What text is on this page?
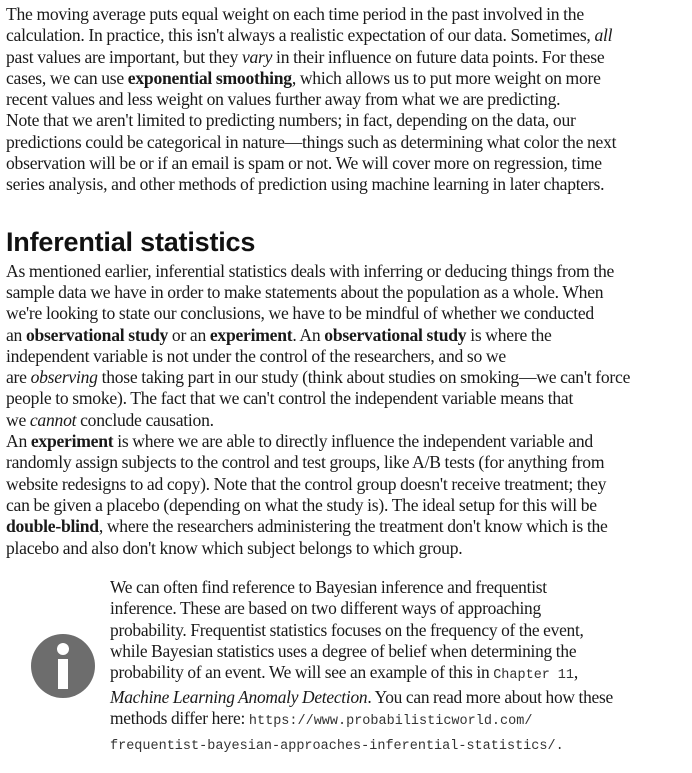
The moving average puts equal weight on each time period in the past involved in the
calculation. In practice, this isn't always a realistic expectation of our data. Sometimes, all
past values are important, but they vary in their influence on future data points. For these
cases, we can use exponential smoothing, which allows us to put more weight on more
recent values and less weight on values further away from what we are predicting.

Note that we aren't limited to predicting numbers; in fact, depending on the data, our
predictions could be categorical in nature—things such as determining what color the next
observation will be or if an email is spam or not. We will cover more on regression, time
series analysis, and other methods of prediction using machine learning in later chapters.

Inferential statistics

As mentioned earlier, inferential statistics deals with inferring or deducing things from the
sample data we have in order to make statements about the population as a whole. When
we're looking to state our conclusions, we have to be mindful of whether we conducted
an observational study or an experiment. An observational study is where the
independent variable is not under the control of the researchers, and so we
are observing those taking part in our study (think about studies on smoking—we can't force
people to smoke). The fact that we can't control the independent variable means that
we cannot conclude causation.

An experiment is where we are able to directly influence the independent variable and
randomly assign subjects to the control and test groups, like A/B tests (for anything from
website redesigns to ad copy). Note that the control group doesn't receive treatment; they
can be given a placebo (depending on what the study is). The ideal setup for this will be
double-blind, where the researchers administering the treatment don't know which is the
placebo and also don't know which subject belongs to which group.

We can often find reference to Bayesian inference and frequentist
inference. These are based on two different ways of approaching
probability. Frequentist statistics focuses on the frequency of the event,
while Bayesian statistics uses a degree of belief when determining the
probability of an event. We will see an example of this in Chapter 11,
Machine Learning Anomaly Detection. You can read more about how these
methods differ here: https://www.probabilisticworld.com/
frequentist-bayesian-approaches-inferential-statistics/.
